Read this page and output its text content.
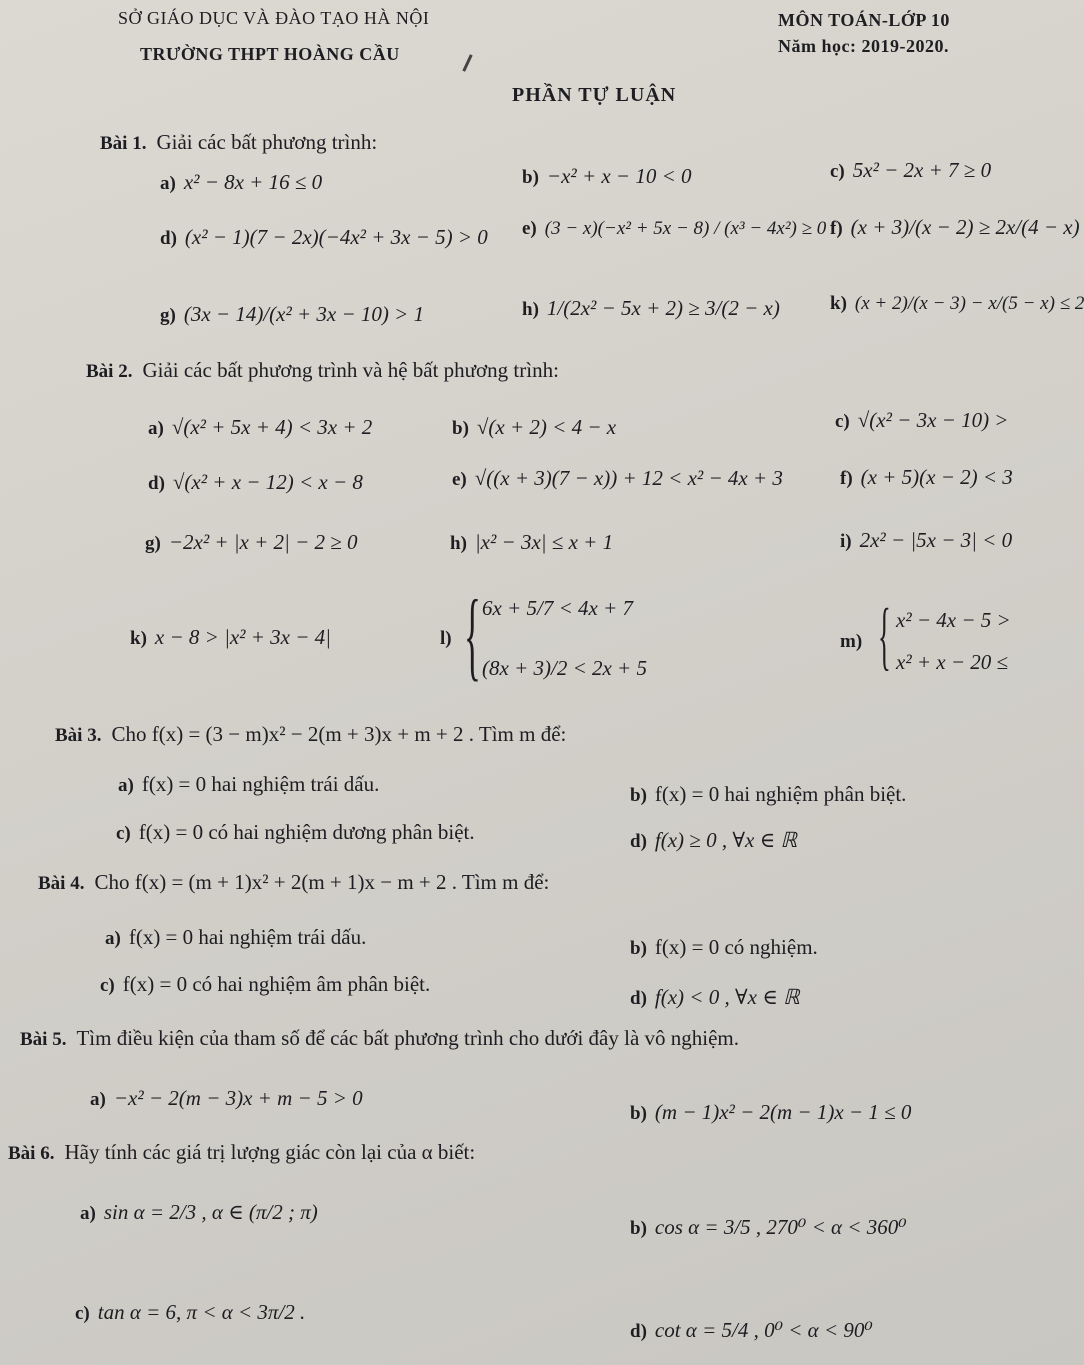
SỞ GIÁO DỤC VÀ ĐÀO TẠO HÀ NỘI
TRƯỜNG THPT HOÀNG CẦU
MÔN TOÁN-LỚP 10
Năm học: 2019-2020.
PHẦN TỰ LUẬN
Bài 1. Giải các bất phương trình:
a) x² − 8x + 16 ≤ 0	b) −x² + x − 10 < 0	c) 5x² − 2x + 7 ≥ 0
d) (x² − 1)(7 − 2x)(−4x² + 3x − 5) > 0 e) (3 − x)(−x² + 5x − 8) / (x³ − 4x²) ≥ 0 f) (x + 3)/(x − 2) ≥ 2x/(4 − x)
g) (3x − 14)/(x² + 3x − 10) > 1	h) 1/(2x² − 5x + 2) ≥ 3/(2 − x)	k) (x + 2)/(x − 3) − x/(5 − x) ≤ 2
Bài 2. Giải các bất phương trình và hệ bất phương trình:
a) √(x² + 5x + 4) < 3x + 2	b) √(x + 2) < 4 − x	c) √(x² − 3x − 10) >
d) √(x² + x − 12) < x − 8	e) √((x + 3)(7 − x)) + 12 < x² − 4x + 3	f) (x + 5)(x − 2) < 3
g) −2x² + |x + 2| − 2 ≥ 0	h) |x² − 3x| ≤ x + 1	i) 2x² − |5x − 3| < 0
k) x − 8 > |x² + 3x − 4|	l) { 6x + 5/7 < 4x + 7
(8x + 3)/2 < 2x + 5
m) { x² − 4x − 5 >
x² + x − 20 ≤
Bài 3. Cho f(x) = (3 − m)x² − 2(m + 3)x + m + 2 . Tìm m để:
a) f(x) = 0 hai nghiệm trái dấu.	b) f(x) = 0 hai nghiệm phân biệt.
c) f(x) = 0 có hai nghiệm dương phân biệt.	d) f(x) ≥ 0 , ∀x ∈ ℝ
Bài 4. Cho f(x) = (m + 1)x² + 2(m + 1)x − m + 2 . Tìm m để:
a) f(x) = 0 hai nghiệm trái dấu.	b) f(x) = 0 có nghiệm.
c) f(x) = 0 có hai nghiệm âm phân biệt.
d) f(x) < 0 , ∀x ∈ ℝ
Bài 5. Tìm điều kiện của tham số để các bất phương trình cho dưới đây là vô nghiệm.
a) −x² − 2(m − 3)x + m − 5 > 0
b) (m − 1)x² − 2(m − 1)x − 1 ≤ 0
Bài 6. Hãy tính các giá trị lượng giác còn lại của α biết:
a) sin α = 2/3 , α ∈ (π/2 ; π)
b) cos α = 3/5 , 270⁰ < α < 360⁰
c) tan α = 6, π < α < 3π/2 .
d) cot α = 5/4 , 0⁰ < α < 90⁰
